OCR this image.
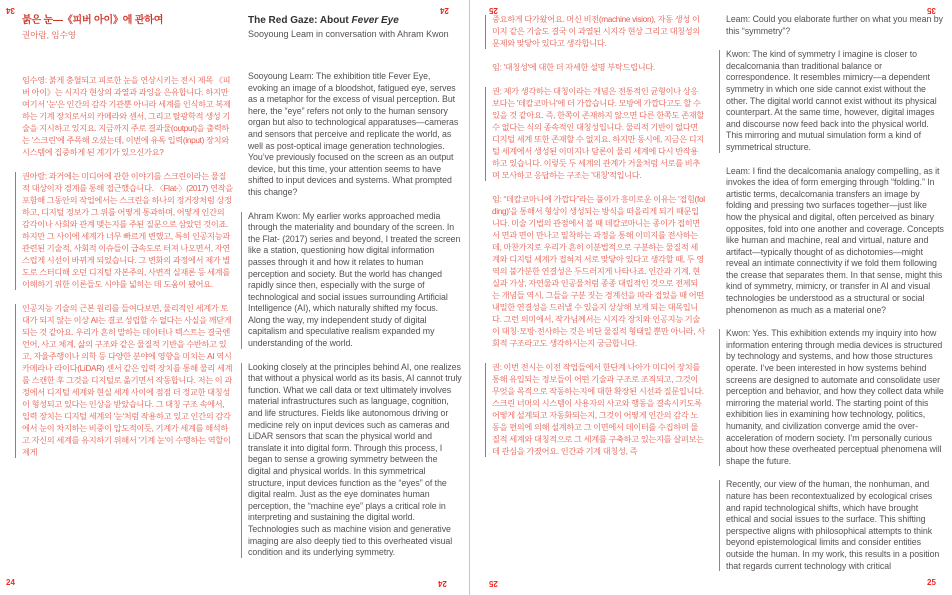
34	24	25	35
24	24	25	25
붉은 눈—《피버 아이》에 관하여
권아람, 임수영

임수영: 붉게 충혈되고 피로한 눈을 연상시키는 전시 제목 《피버 아이》는 시지각 현상의 과열과 과잉을 은유합니다. 하지만 여기서 '눈'은 인간의 감각 기관뿐 아니라 세계를 인식하고 복제하는 기계 장치로서의 카메라와 센서, 그리고 탈광학적 생성 기술을 지시하고 있지요. 지금까지 주로 결과물(output)을 출력하는 '스크린'에 주목해 오셨는데, 이번에 유독 입력(input) 장치와 시스템에 집중하게 된 계기가 있으신가요?

권아람: 과거에는 미디어에 관한 이야기를 스크린이라는 물질적 대상이자 경계를 통해 접근했습니다. 〈Flat-〉(2017) 연작을 포함해 그동안의 작업에서는 스크린을 하나의 정거장처럼 상정하고, 디지털 정보가 그 위를 어떻게 통과하며, 어떻게 인간의 감각이나 사회와 관계 맺는지를 주된 질문으로 삼았던 것이죠. 하지만 그 사이에 세계가 너무 빠르게 변했고, 특히 인공지능과 관련된 기술적, 사회적 이슈들이 급속도로 터져 나오면서, 자연스럽게 시선이 바뀌게 되었습니다. 그 변화의 과정에서 제가 별도로 스터디해 오던 디지털 자본주의, 사변적 실재론 등 세계를 이해하기 위한 이론들도 시야를 넓히는 데 도움이 됐어요.

인공지능 기술의 근본 원리를 들여다보면, 물리적인 세계가 토대가 되지 않는 이상 AI는 결코 성립할 수 없다는 사실을 깨닫게 되는 것 같아요. 우리가 흔히 말하는 데이터나 텍스트는 결국엔 언어, 사고 체계, 삶의 구조와 같은 물질적 기반을 수반하고 있고, 자율주행이나 의학 등 다양한 분야에 영향을 미치는 AI 역시 카메라나 라이다(LiDAR) 센서 같은 입력 장치를 통해 물리 세계를 스캔한 후 그것을 디지털로 옮기면서 작동합니다. 저는 이 과정에서 디지털 세계와 현실 세계 사이에 점점 더 정교한 대칭성이 형성되고 있다는 인상을 받았습니다. 그 대칭 구조 속에서, 입력 장치는 디지털 세계의 '눈'처럼 작용하고 있고 인간의 감각에서 눈이 차지하는 비중이 압도적이듯, 기계가 세계를 해석하고 자신의 세계를 유지하기 위해서 '기계 눈'이 수행하는 역할이 제게

The Red Gaze: About Fever Eye
Sooyoung Leam in conversation with Ahram Kwon

Sooyoung Leam: The exhibition title Fever Eye, evoking an image of a bloodshot, fatigued eye, serves as a metaphor for the excess of visual perception. But here, the “eye” refers not only to the human sensory organ but also to technological apparatuses—cameras and sensors that perceive and replicate the world, as well as post-optical image generation technologies. You’ve previously focused on the screen as an output device, but this time, your attention seems to have shifted to input devices and systems. What prompted this change?

Ahram Kwon: My earlier works approached media through the materiality and boundary of the screen. In the Flat- (2017) series and beyond, I treated the screen like a station, questioning how digital information passes through it and how it relates to human perception and society. But the world has changed rapidly since then, especially with the surge of technological and social issues surrounding Artificial Intelligence (AI), which naturally shifted my focus. Along the way, my independent study of digital capitalism and speculative realism expanded my understanding of the world.

Looking closely at the principles behind AI, one realizes that without a physical world as its basis, AI cannot truly function. What we call data or text ultimately involves material infrastructures such as language, cognition, and life structures. Fields like autonomous driving or medicine rely on input devices such as cameras and LiDAR sensors that scan the physical world and translate it into digital form. Through this process, I began to sense a growing symmetry between the digital and physical worlds. In this symmetrical structure, input devices function as the “eyes” of the digital realm. Just as the eye dominates human perception, the “machine eye” plays a critical role in interpreting and sustaining the digital world. Technologies such as machine vision and generative imaging are also deeply tied to this overheated visual condition and its underlying symmetry.

중요하게 다가왔어요. 머신 비전(machine vision), 자동 생성 이미지 같은 기술도 결국 이 과열된 시지각 현상 그리고 대칭성의 문제와 맞닿아 있다고 생각합니다.

임: '대칭성'에 대한 더 자세한 설명 부탁드립니다.

권: 제가 생각하는 대칭이라는 개념은 전통적인 균형이나 상응보다는 '데칼코마니'에 더 가깝습니다. 모방에 가깝다고도 할 수 있을 것 같아요. 즉, 한쪽이 존재하지 않으면 다른 한쪽도 존재할 수 없다는 식의 종속적인 대칭성입니다. 물리적 기반이 없다면 디지털 세계 또한 존재할 수 없지요. 하지만 동시에, 지금은 디지털 세계에서 생성된 이미지나 담론이 물리 세계에 다시 반작용하고 있습니다. 이렇듯 두 세계의 관계가 거울처럼 서로를 비추며 모사하고 응답하는 구조는 '대칭'적입니다.

임: “데칼코마니에 가깝다”라는 풀이가 흥미로운 이유는 '접힘(folding)'을 통해서 형상이 생성되는 방식을 떠올리게 되기 때문입니다. 미술 기법의 관점에서 볼 때 데칼코마니는 종이가 접히면서 면과 면이 만나고 밀착하는 과정을 통해 이미지를 전사하는데, 마찬가지로 우리가 흔히 이분법적으로 구분하는 물질적 세계와 디지털 세계가 접혀져 서로 맞닿아 있다고 생각할 때, 두 영역의 불가분한 연결성은 두드러지게 나타나죠. 인간과 기계, 현실과 가상, 자연물과 인공물처럼 종종 대립적인 것으로 전제되는 개념들 역시, 그들을 구분 짓는 경계선을 따라 접었을 때 어떤 내밀한 연결성을 드러낼 수 있을지 상상해 보게 되는 대목입니다. 그런 의미에서, 작가님께서는 시지각 장치와 인공지능 기술이 대칭·모방·전사하는 것은 비단 물질적 형태일 뿐만 아니라, 사회적 구조라고도 생각하시는지 궁금합니다.

권: 이번 전시는 이전 작업들에서 한단계 나아가 미디어 장치를 통해 유입되는 정보들이 어떤 기술과 구조로 조직되고, 그것이 무엇을 목적으로 작동하는지에 대한 확장된 시선과 질문입니다. 스크린 너머의 시스템이 사용자의 사고와 행동을 결속시키도록 어떻게 설계되고 자동화되는지, 그것이 어떻게 인간의 감각 노동을 편의에 의해 설계하고 그 이면에서 데이터를 수집하며 물질적 세계와 대칭적으로 그 세계를 구축하고 있는지를 살펴보는 데 관심을 가졌어요. 인간과 기계 대칭성, 즉

Leam: Could you elaborate further on what you mean by this “symmetry”?

Kwon: The kind of symmetry I imagine is closer to decalcomania than traditional balance or correspondence. It resembles mimicry—a dependent symmetry in which one side cannot exist without the other. The digital world cannot exist without its physical counterpart. At the same time, however, digital images and discourse now feed back into the physical world. This mirroring and mutual simulation form a kind of symmetrical structure.

Leam: I find the decalcomania analogy compelling, as it invokes the idea of form emerging through “folding.” In artistic terms, decalcomania transfers an image by folding and pressing two surfaces together—just like how the physical and digital, often perceived as binary opposites, fold into one another and coverage. Concepts like human and machine, real and virtual, nature and artifact—typically thought of as dichotomies—might reveal an intimate connectivity if we fold them following the crease that separates them. In that sense, might this kind of symmetry, mimicry, or transfer in AI and visual technologies be understood as a structural or social phenomenon as much as a material one?

Kwon: Yes. This exhibition extends my inquiry into how information entering through media devices is structured by technology and systems, and how those structures operate. I’ve been interested in how systems behind screens are designed to automate and consolidate user perception and behavior, and how they collect data while mirroring the material world. The starting point of this exhibition lies in examining how technology, politics, humanity, and civilization converge amid the over-acceleration of modern society. I’m personally curious about how these overheated perceptual phenomena will shape the future.

Recently, our view of the human, the nonhuman, and nature has been recontextualized by ecological crises and rapid technological shifts, which have brought ethical and social issues to the surface. This shifting perspective aligns with philosophical attempts to think beyond epistemological limits and consider entities outside the human. In my work, this results in a position that regards current technology with critical
